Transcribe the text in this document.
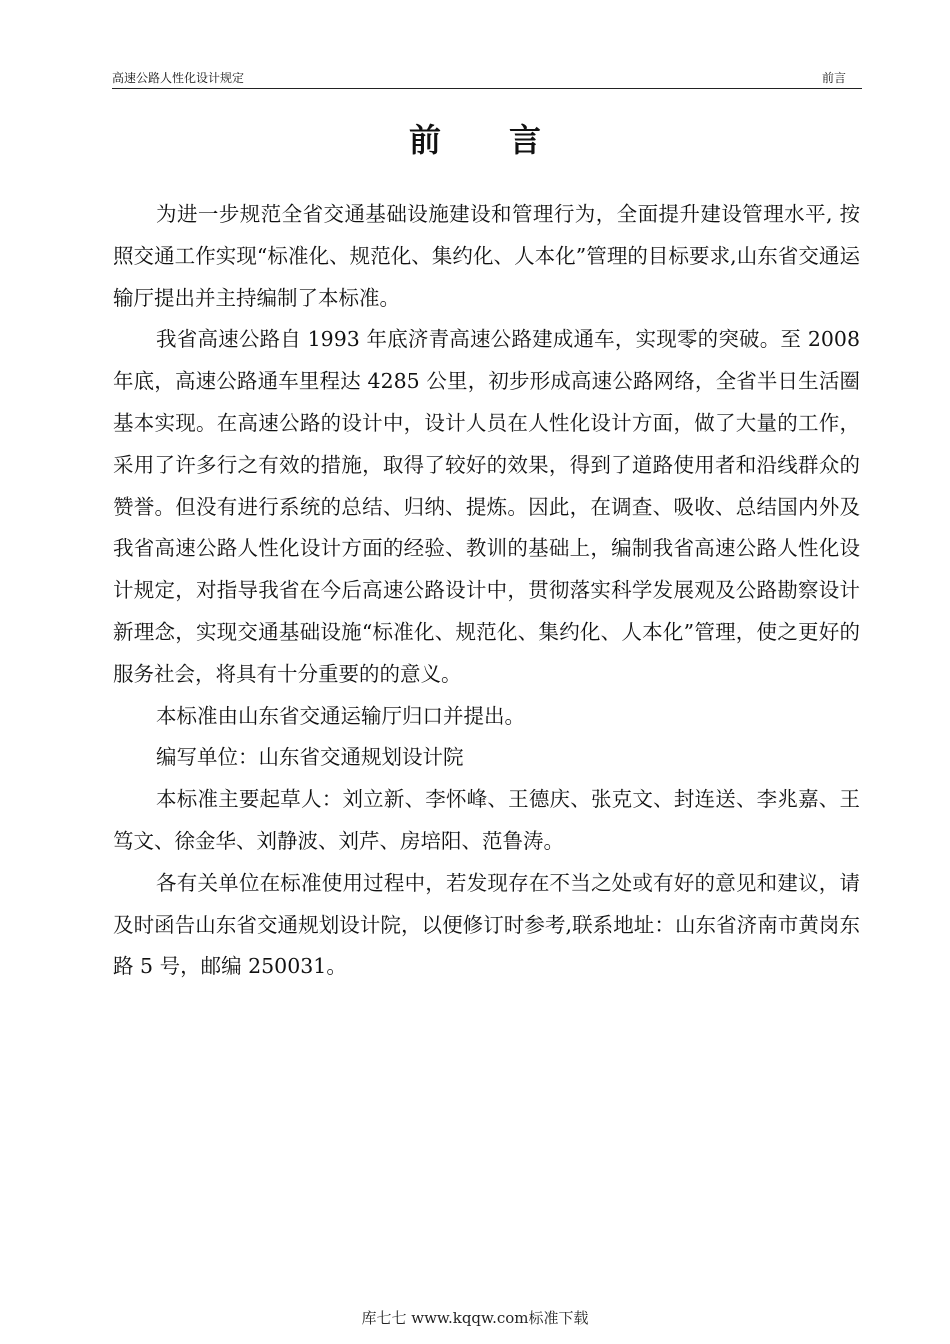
高速公路人性化设计规定	前言
前言

为进一步规范全省交通基础设施建设和管理行为，全面提升建设管理水平, 按照交通工作实现“标准化、规范化、集约化、人本化”管理的目标要求,山东省交通运输厅提出并主持编制了本标准。

我省高速公路自 1993 年底济青高速公路建成通车，实现零的突破。至 2008 年底，高速公路通车里程达 4285 公里，初步形成高速公路网络，全省半日生活圈基本实现。在高速公路的设计中，设计人员在人性化设计方面，做了大量的工作，采用了许多行之有效的措施，取得了较好的效果，得到了道路使用者和沿线群众的赞誉。但没有进行系统的总结、归纳、提炼。因此，在调查、吸收、总结国内外及我省高速公路人性化设计方面的经验、教训的基础上，编制我省高速公路人性化设计规定，对指导我省在今后高速公路设计中，贯彻落实科学发展观及公路勘察设计新理念，实现交通基础设施“标准化、规范化、集约化、人本化”管理，使之更好的服务社会，将具有十分重要的的意义。

本标准由山东省交通运输厅归口并提出。

编写单位：山东省交通规划设计院

本标准主要起草人：刘立新、李怀峰、王德庆、张克文、封连送、李兆嘉、王笃文、徐金华、刘静波、刘芹、房培阳、范鲁涛。

各有关单位在标准使用过程中，若发现存在不当之处或有好的意见和建议，请及时函告山东省交通规划设计院，以便修订时参考,联系地址：山东省济南市黄岗东路 5 号，邮编 250031。

库七七 www.kqqw.com标准下载
